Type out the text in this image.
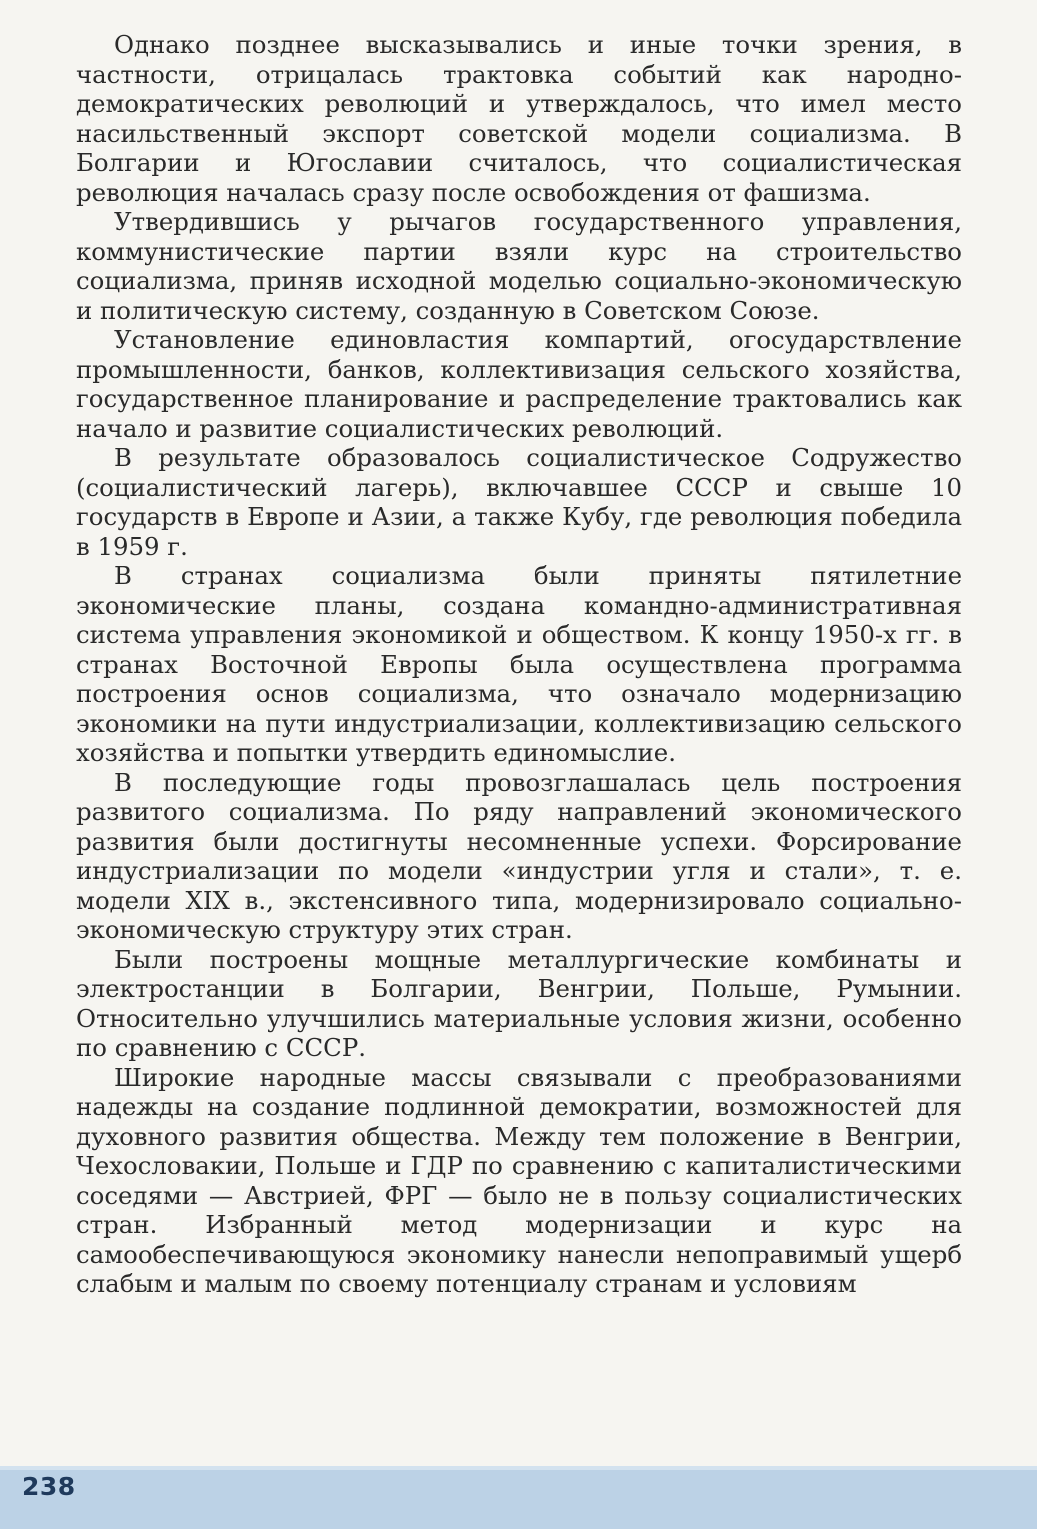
Однако позднее высказывались и иные точки зрения, в частности, отрицалась трактовка событий как народно-демократических революций и утверждалось, что имел место насильственный экспорт советской модели социализма. В Болгарии и Югославии считалось, что социалистическая революция началась сразу после освобождения от фашизма.

Утвердившись у рычагов государственного управления, коммунистические партии взяли курс на строительство социализма, приняв исходной моделью социально-экономическую и политическую систему, созданную в Советском Союзе.

Установление единовластия компартий, огосударствление промышленности, банков, коллективизация сельского хозяйства, государственное планирование и распределение трактовались как начало и развитие социалистических революций.

В результате образовалось социалистическое Содружество (социалистический лагерь), включавшее СССР и свыше 10 государств в Европе и Азии, а также Кубу, где революция победила в 1959 г.

В странах социализма были приняты пятилетние экономические планы, создана командно-административная система управления экономикой и обществом. К концу 1950-х гг. в странах Восточной Европы была осуществлена программа построения основ социализма, что означало модернизацию экономики на пути индустриализации, коллективизацию сельского хозяйства и попытки утвердить единомыслие.

В последующие годы провозглашалась цель построения развитого социализма. По ряду направлений экономического развития были достигнуты несомненные успехи. Форсирование индустриализации по модели «индустрии угля и стали», т. е. модели XIX в., экстенсивного типа, модернизировало социально-экономическую структуру этих стран.

Были построены мощные металлургические комбинаты и электростанции в Болгарии, Венгрии, Польше, Румынии. Относительно улучшились материальные условия жизни, особенно по сравнению с СССР.

Широкие народные массы связывали с преобразованиями надежды на создание подлинной демократии, возможностей для духовного развития общества. Между тем положение в Венгрии, Чехословакии, Польше и ГДР по сравнению с капиталистическими соседями — Австрией, ФРГ — было не в пользу социалистических стран. Избранный метод модернизации и курс на самообеспечивающуюся экономику нанесли непоправимый ущерб слабым и малым по своему потенциалу странам и условиям

238
